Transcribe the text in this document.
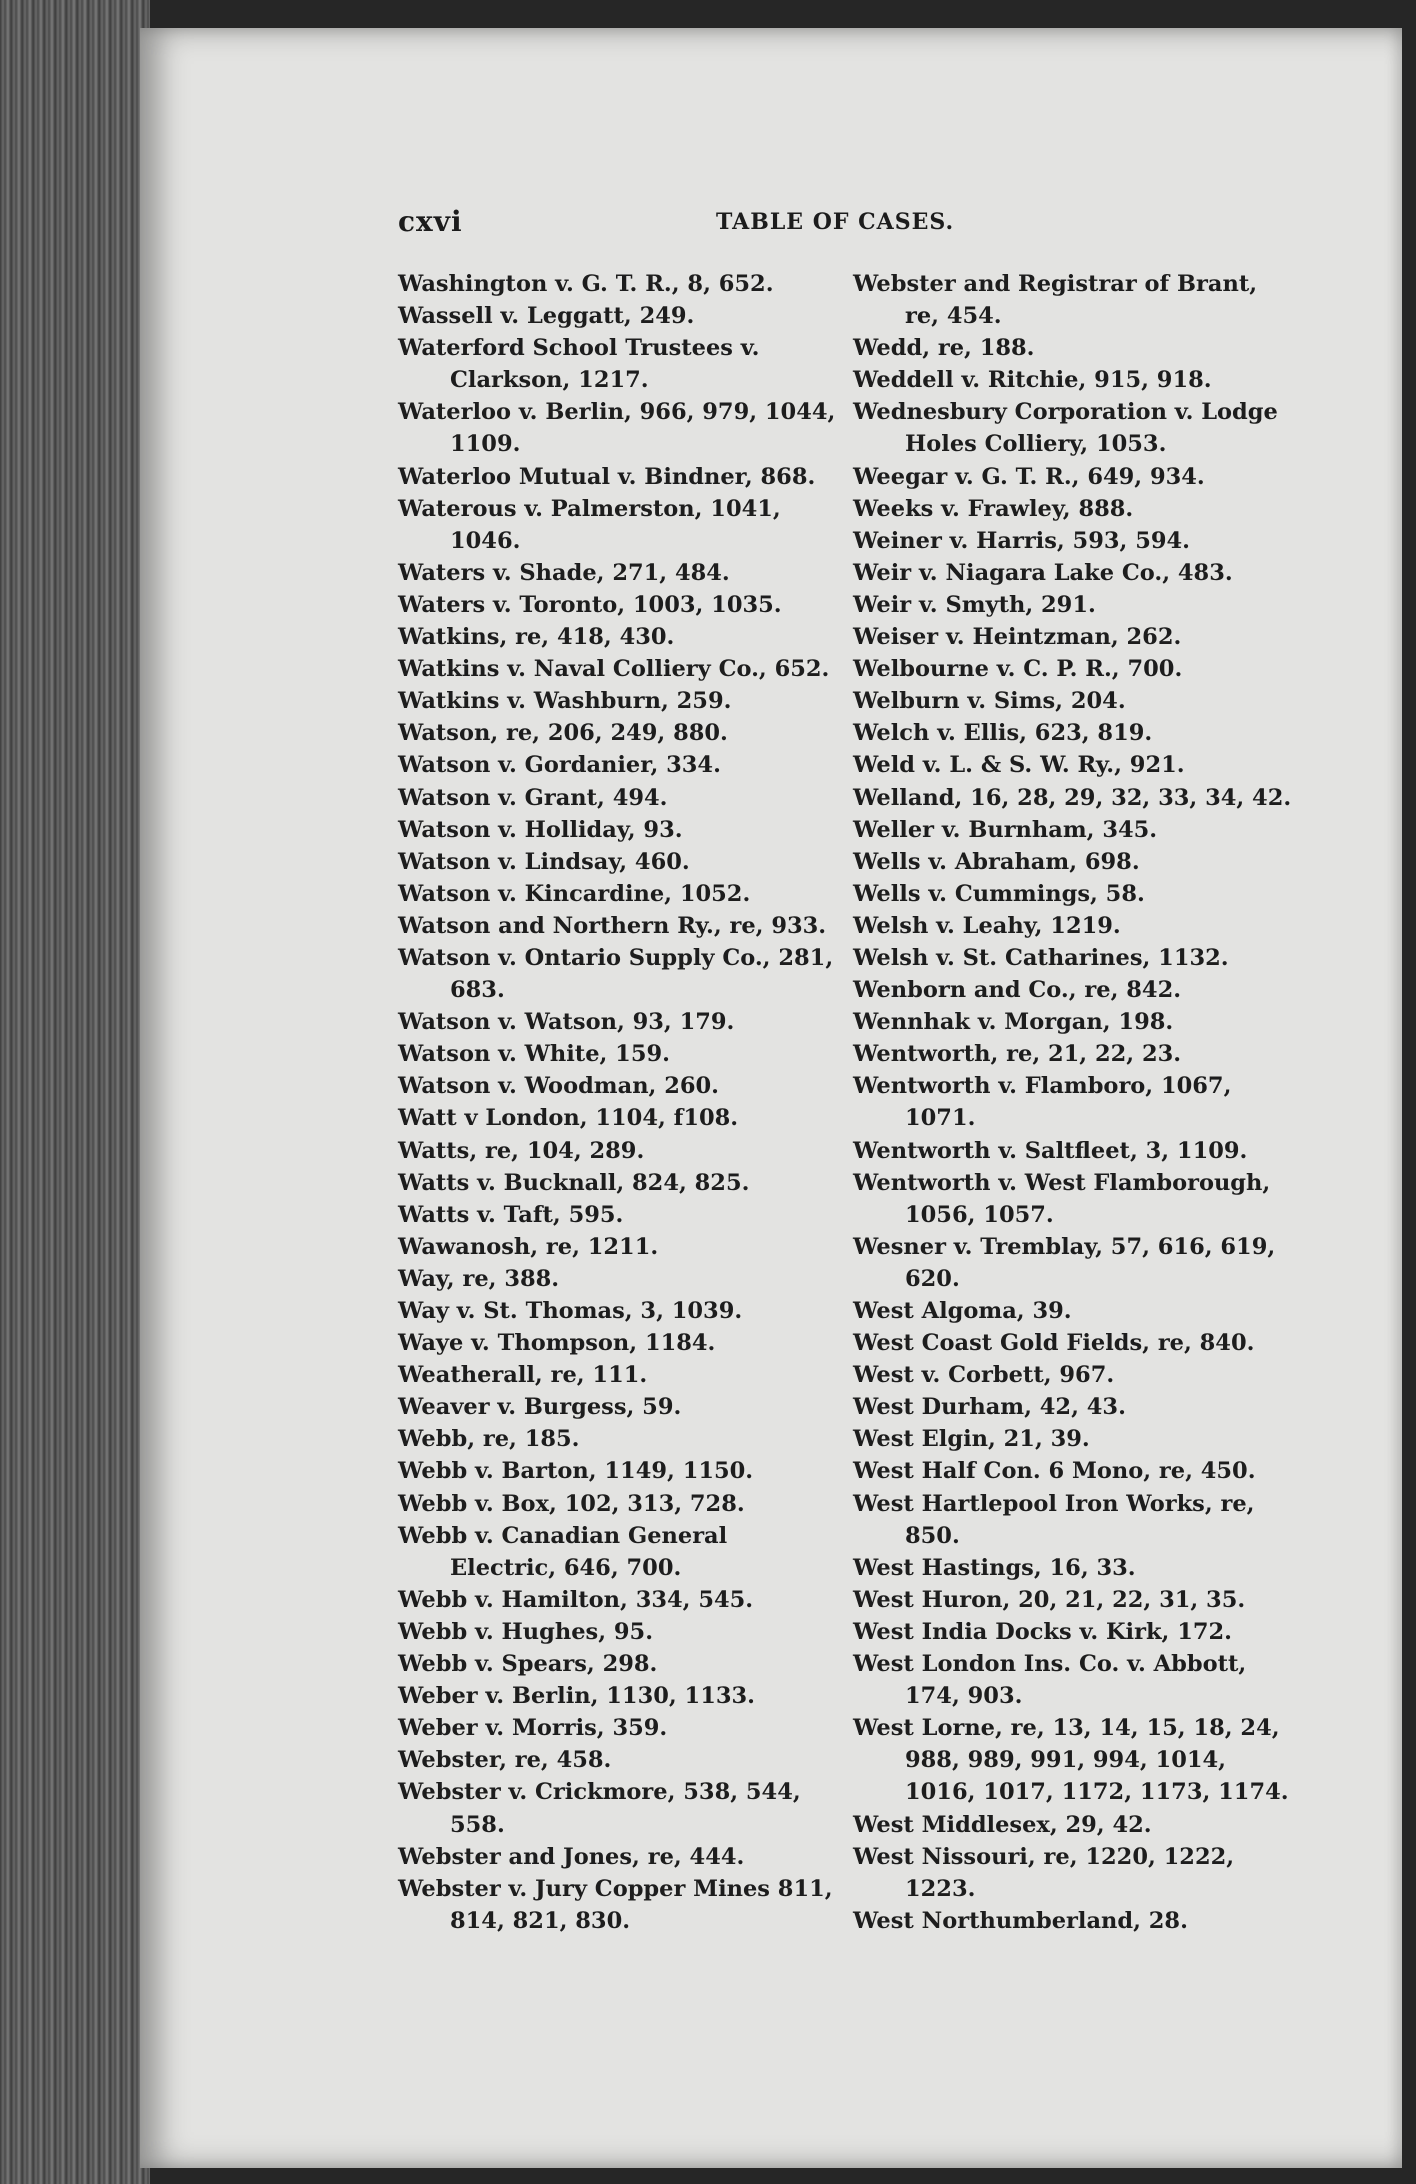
cxvi	TABLE OF CASES.
Washington v. G. T. R., 8, 652.
Wassell v. Leggatt, 249.
Waterford School Trustees v. Clarkson, 1217.
Waterloo v. Berlin, 966, 979, 1044, 1109.
Waterloo Mutual v. Bindner, 868.
Waterous v. Palmerston, 1041, 1046.
Waters v. Shade, 271, 484.
Waters v. Toronto, 1003, 1035.
Watkins, re, 418, 430.
Watkins v. Naval Colliery Co., 652.
Watkins v. Washburn, 259.
Watson, re, 206, 249, 880.
Watson v. Gordanier, 334.
Watson v. Grant, 494.
Watson v. Holliday, 93.
Watson v. Lindsay, 460.
Watson v. Kincardine, 1052.
Watson and Northern Ry., re, 933.
Watson v. Ontario Supply Co., 281, 683.
Watson v. Watson, 93, 179.
Watson v. White, 159.
Watson v. Woodman, 260.
Watt v London, 1104, f108.
Watts, re, 104, 289.
Watts v. Bucknall, 824, 825.
Watts v. Taft, 595.
Wawanosh, re, 1211.
Way, re, 388.
Way v. St. Thomas, 3, 1039.
Waye v. Thompson, 1184.
Weatherall, re, 111.
Weaver v. Burgess, 59.
Webb, re, 185.
Webb v. Barton, 1149, 1150.
Webb v. Box, 102, 313, 728.
Webb v. Canadian General Electric, 646, 700.
Webb v. Hamilton, 334, 545.
Webb v. Hughes, 95.
Webb v. Spears, 298.
Weber v. Berlin, 1130, 1133.
Weber v. Morris, 359.
Webster, re, 458.
Webster v. Crickmore, 538, 544, 558.
Webster and Jones, re, 444.
Webster v. Jury Copper Mines 811, 814, 821, 830.
Webster and Registrar of Brant, re, 454.
Wedd, re, 188.
Weddell v. Ritchie, 915, 918.
Wednesbury Corporation v. Lodge Holes Colliery, 1053.
Weegar v. G. T. R., 649, 934.
Weeks v. Frawley, 888.
Weiner v. Harris, 593, 594.
Weir v. Niagara Lake Co., 483.
Weir v. Smyth, 291.
Weiser v. Heintzman, 262.
Welbourne v. C. P. R., 700.
Welburn v. Sims, 204.
Welch v. Ellis, 623, 819.
Weld v. L. & S. W. Ry., 921.
Welland, 16, 28, 29, 32, 33, 34, 42.
Weller v. Burnham, 345.
Wells v. Abraham, 698.
Wells v. Cummings, 58.
Welsh v. Leahy, 1219.
Welsh v. St. Catharines, 1132.
Wenborn and Co., re, 842.
Wennhak v. Morgan, 198.
Wentworth, re, 21, 22, 23.
Wentworth v. Flamboro, 1067, 1071.
Wentworth v. Saltfleet, 3, 1109.
Wentworth v. West Flamborough, 1056, 1057.
Wesner v. Tremblay, 57, 616, 619, 620.
West Algoma, 39.
West Coast Gold Fields, re, 840.
West v. Corbett, 967.
West Durham, 42, 43.
West Elgin, 21, 39.
West Half Con. 6 Mono, re, 450.
West Hartlepool Iron Works, re, 850.
West Hastings, 16, 33.
West Huron, 20, 21, 22, 31, 35.
West India Docks v. Kirk, 172.
West London Ins. Co. v. Abbott, 174, 903.
West Lorne, re, 13, 14, 15, 18, 24, 988, 989, 991, 994, 1014, 1016, 1017, 1172, 1173, 1174.
West Middlesex, 29, 42.
West Nissouri, re, 1220, 1222, 1223.
West Northumberland, 28.
